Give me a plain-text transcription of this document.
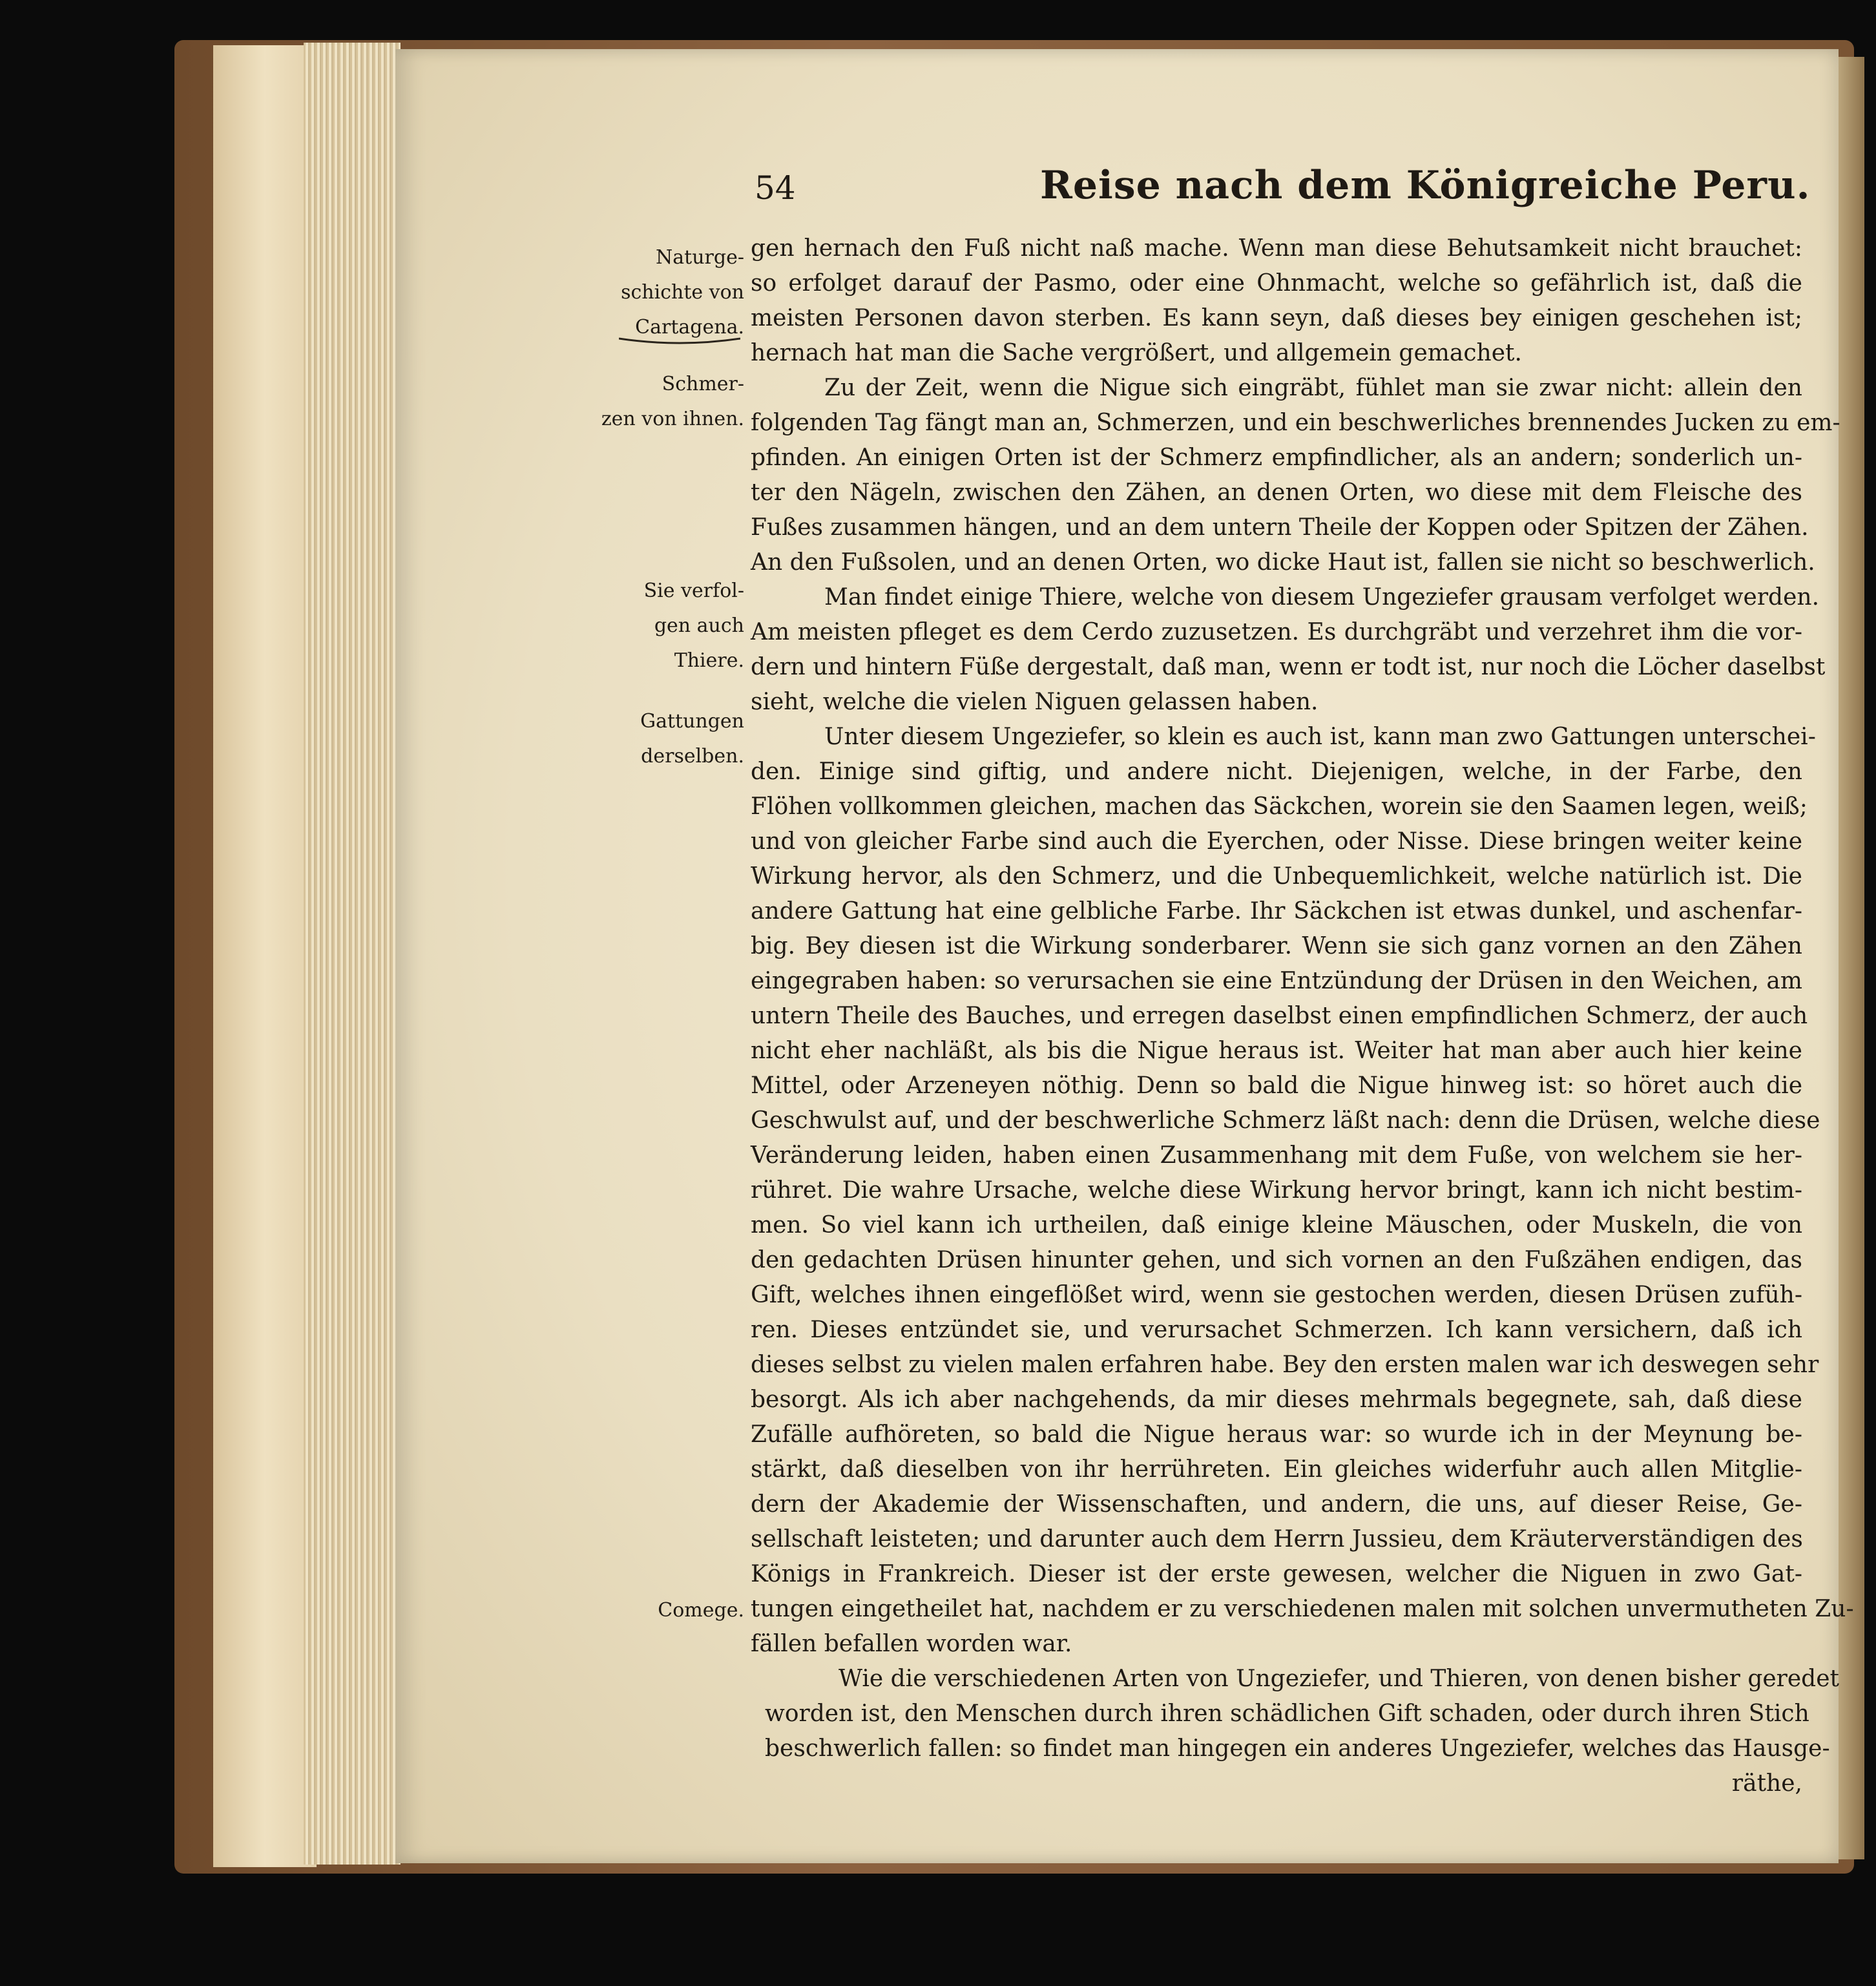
54	Reise nach dem Königreiche Peru.
Naturge-
schichte von
Cartagena.
Schmer-
zen von ihnen.
Sie verfol-
gen auch
Thiere.
Gattungen
derselben.
Comege.
gen hernach den Fuß nicht naß mache. Wenn man diese Behutsamkeit nicht brauchet:
so erfolget darauf der Pasmo, oder eine Ohnmacht, welche so gefährlich ist, daß die
meisten Personen davon sterben. Es kann seyn, daß dieses bey einigen geschehen ist;
hernach hat man die Sache vergrößert, und allgemein gemachet.
Zu der Zeit, wenn die Nigue sich eingräbt, fühlet man sie zwar nicht: allein den
folgenden Tag fängt man an, Schmerzen, und ein beschwerliches brennendes Jucken zu em-
pfinden. An einigen Orten ist der Schmerz empfindlicher, als an andern; sonderlich un-
ter den Nägeln, zwischen den Zähen, an denen Orten, wo diese mit dem Fleische des
Fußes zusammen hängen, und an dem untern Theile der Koppen oder Spitzen der Zähen.
An den Fußsolen, und an denen Orten, wo dicke Haut ist, fallen sie nicht so beschwerlich.
Man findet einige Thiere, welche von diesem Ungeziefer grausam verfolget werden.
Am meisten pfleget es dem Cerdo zuzusetzen. Es durchgräbt und verzehret ihm die vor-
dern und hintern Füße dergestalt, daß man, wenn er todt ist, nur noch die Löcher daselbst
sieht, welche die vielen Niguen gelassen haben.
Unter diesem Ungeziefer, so klein es auch ist, kann man zwo Gattungen unterschei-
den. Einige sind giftig, und andere nicht. Diejenigen, welche, in der Farbe, den
Flöhen vollkommen gleichen, machen das Säckchen, worein sie den Saamen legen, weiß;
und von gleicher Farbe sind auch die Eyerchen, oder Nisse. Diese bringen weiter keine
Wirkung hervor, als den Schmerz, und die Unbequemlichkeit, welche natürlich ist. Die
andere Gattung hat eine gelbliche Farbe. Ihr Säckchen ist etwas dunkel, und aschenfar-
big. Bey diesen ist die Wirkung sonderbarer. Wenn sie sich ganz vornen an den Zähen
eingegraben haben: so verursachen sie eine Entzündung der Drüsen in den Weichen, am
untern Theile des Bauches, und erregen daselbst einen empfindlichen Schmerz, der auch
nicht eher nachläßt, als bis die Nigue heraus ist. Weiter hat man aber auch hier keine
Mittel, oder Arzeneyen nöthig. Denn so bald die Nigue hinweg ist: so höret auch die
Geschwulst auf, und der beschwerliche Schmerz läßt nach: denn die Drüsen, welche diese
Veränderung leiden, haben einen Zusammenhang mit dem Fuße, von welchem sie her-
rühret. Die wahre Ursache, welche diese Wirkung hervor bringt, kann ich nicht bestim-
men. So viel kann ich urtheilen, daß einige kleine Mäuschen, oder Muskeln, die von
den gedachten Drüsen hinunter gehen, und sich vornen an den Fußzähen endigen, das
Gift, welches ihnen eingeflößet wird, wenn sie gestochen werden, diesen Drüsen zufüh-
ren. Dieses entzündet sie, und verursachet Schmerzen. Ich kann versichern, daß ich
dieses selbst zu vielen malen erfahren habe. Bey den ersten malen war ich deswegen sehr
besorgt. Als ich aber nachgehends, da mir dieses mehrmals begegnete, sah, daß diese
Zufälle aufhöreten, so bald die Nigue heraus war: so wurde ich in der Meynung be-
stärkt, daß dieselben von ihr herrühreten. Ein gleiches widerfuhr auch allen Mitglie-
dern der Akademie der Wissenschaften, und andern, die uns, auf dieser Reise, Ge-
sellschaft leisteten; und darunter auch dem Herrn Jussieu, dem Kräuterverständigen des
Königs in Frankreich. Dieser ist der erste gewesen, welcher die Niguen in zwo Gat-
tungen eingetheilet hat, nachdem er zu verschiedenen malen mit solchen unvermutheten Zu-
fällen befallen worden war.
Wie die verschiedenen Arten von Ungeziefer, und Thieren, von denen bisher geredet
worden ist, den Menschen durch ihren schädlichen Gift schaden, oder durch ihren Stich
beschwerlich fallen: so findet man hingegen ein anderes Ungeziefer, welches das Hausge-
räthe,
